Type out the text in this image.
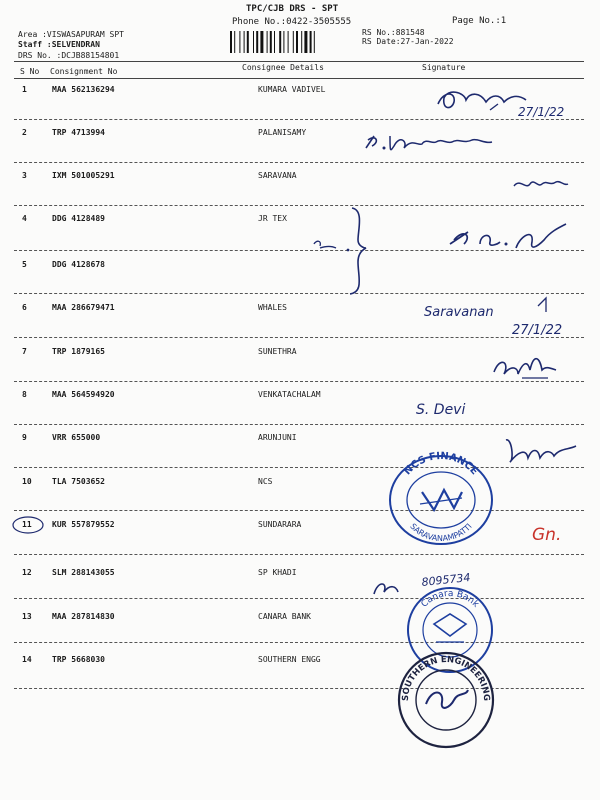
TPC/CJB DRS - SPT
Phone No.:0422-3505555	Page No.:1
RS No.:881548
RS Date:27-Jan-2022
Area :VISWASAPURAM SPT
Staff :SELVENDRAN
DRS No. :DCJB88154801
S No Consignment No	Consignee Details	Signature
1	MAA 562136294	KUMARA VADIVEL
2	TRP 4713994	PALANISAMY
3	IXM 501005291	SARAVANA
4	DDG 4128489	JR TEX
5	DDG 4128678
6	MAA 286679471	WHALES
7	TRP 1879165	SUNETHRA
8	MAA 564594920	VENKATACHALAM
9	VRR 655000	ARUNJUNI
10	TLA 7503652	NCS
11	KUR 557879552	SUNDARARA
12	SLM 288143055	SP KHADI
13	MAA 287814830	CANARA BANK
14	TRP 5668030	SOUTHERN ENGG
27/1/22
Saravanan
27/1/22
S. Devi
Gn.
8095734
NCS FINANCE
SARAVANAMPATTI
Canara Bank
SOUTHERN ENGINEERING
